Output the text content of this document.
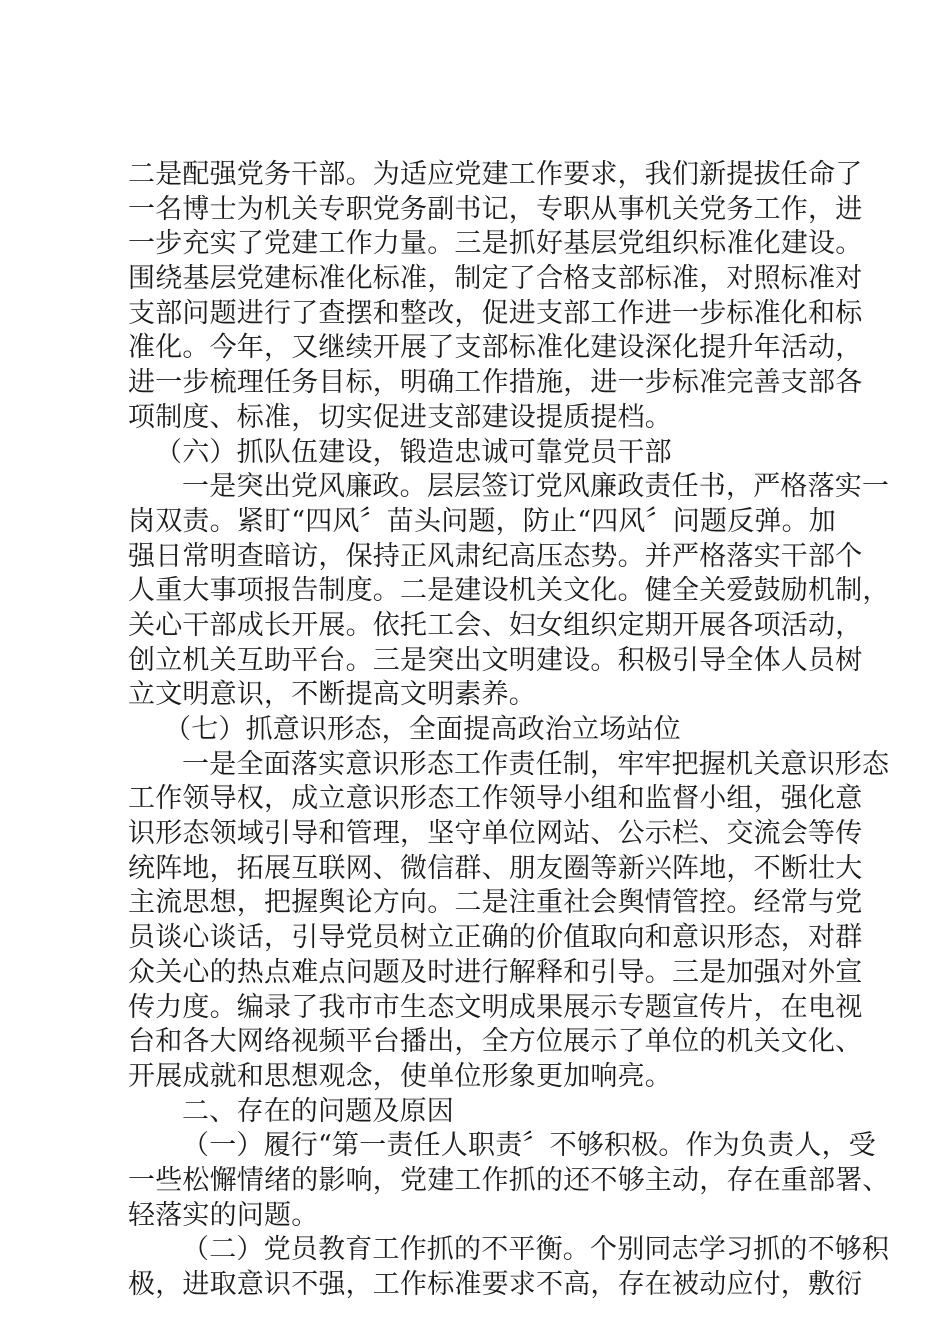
二是配强党务干部。为适应党建工作要求，我们新提拔任命了
一名博士为机关专职党务副书记，专职从事机关党务工作，进
一步充实了党建工作力量。三是抓好基层党组织标准化建设。
围绕基层党建标准化标准，制定了合格支部标准，对照标准对
支部问题进行了查摆和整改，促进支部工作进一步标准化和标
准化。今年，又继续开展了支部标准化建设深化提升年活动，
进一步梳理任务目标，明确工作措施，进一步标准完善支部各
项制度、标准，切实促进支部建设提质提档。
（六）抓队伍建设，锻造忠诚可靠党员干部
一是突出党风廉政。层层签订党风廉政责任书，严格落实一
岗双责。紧盯“四风〞苗头问题，防止“四风〞问题反弹。加
强日常明查暗访，保持正风肃纪高压态势。并严格落实干部个
人重大事项报告制度。二是建设机关文化。健全关爱鼓励机制，
关心干部成长开展。依托工会、妇女组织定期开展各项活动，
创立机关互助平台。三是突出文明建设。积极引导全体人员树
立文明意识，不断提高文明素养。
（七）抓意识形态，全面提高政治立场站位
一是全面落实意识形态工作责任制，牢牢把握机关意识形态
工作领导权，成立意识形态工作领导小组和监督小组，强化意
识形态领域引导和管理，坚守单位网站、公示栏、交流会等传
统阵地，拓展互联网、微信群、朋友圈等新兴阵地，不断壮大
主流思想，把握舆论方向。二是注重社会舆情管控。经常与党
员谈心谈话，引导党员树立正确的价值取向和意识形态，对群
众关心的热点难点问题及时进行解释和引导。三是加强对外宣
传力度。编录了我市市生态文明成果展示专题宣传片，在电视
台和各大网络视频平台播出，全方位展示了单位的机关文化、
开展成就和思想观念，使单位形象更加响亮。
二、存在的问题及原因
（一）履行“第一责任人职责〞不够积极。作为负责人，受
一些松懈情绪的影响，党建工作抓的还不够主动，存在重部署、
轻落实的问题。
（二）党员教育工作抓的不平衡。个别同志学习抓的不够积
极，进取意识不强，工作标准要求不高，存在被动应付，敷衍
